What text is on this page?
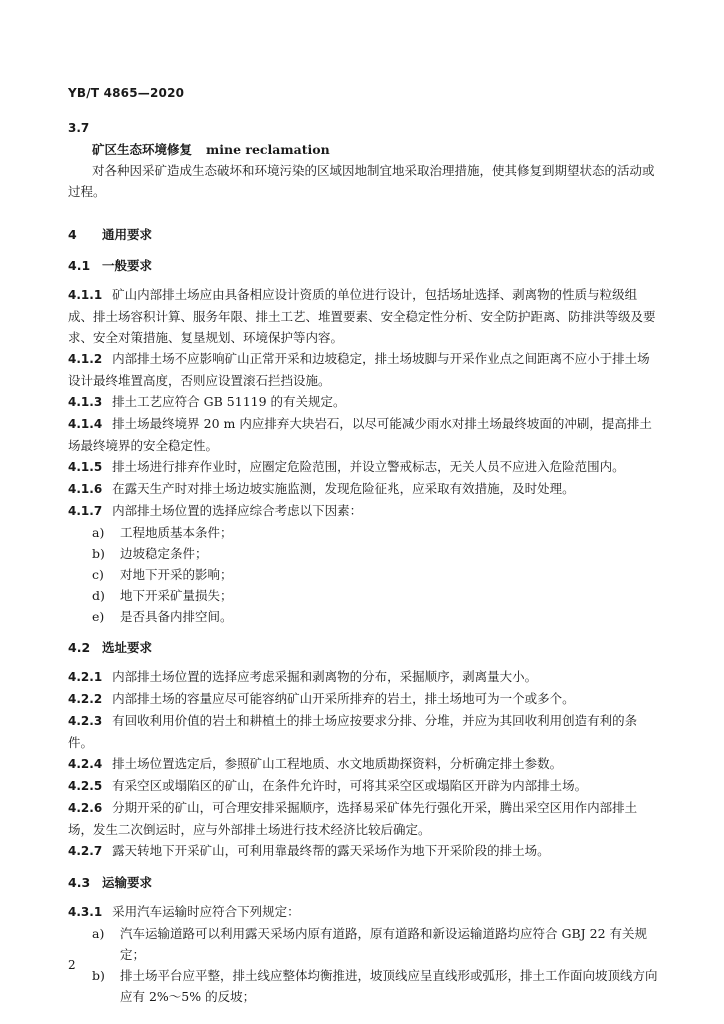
YB/T 4865—2020
3.7
矿区生态环境修复 mine reclamation
对各种因采矿造成生态破坏和环境污染的区域因地制宜地采取治理措施，使其修复到期望状态的活动或过程。
4 通用要求
4.1 一般要求
4.1.1 矿山内部排土场应由具备相应设计资质的单位进行设计，包括场址选择、剥离物的性质与粒级组成、排土场容积计算、服务年限、排土工艺、堆置要素、安全稳定性分析、安全防护距离、防排洪等级及要求、安全对策措施、复垦规划、环境保护等内容。
4.1.2 内部排土场不应影响矿山正常开采和边坡稳定，排土场坡脚与开采作业点之间距离不应小于排土场设计最终堆置高度，否则应设置滚石拦挡设施。
4.1.3 排土工艺应符合 GB 51119 的有关规定。
4.1.4 排土场最终境界 20 m 内应排弃大块岩石，以尽可能减少雨水对排土场最终坡面的冲刷，提高排土场最终境界的安全稳定性。
4.1.5 排土场进行排弃作业时，应圈定危险范围，并设立警戒标志，无关人员不应进入危险范围内。
4.1.6 在露天生产时对排土场边坡实施监测，发现危险征兆，应采取有效措施，及时处理。
4.1.7 内部排土场位置的选择应综合考虑以下因素：
a)	工程地质基本条件；
b)	边坡稳定条件；
c)	对地下开采的影响；
d)	地下开采矿量损失；
e)	是否具备内排空间。
4.2 选址要求
4.2.1 内部排土场位置的选择应考虑采掘和剥离物的分布，采掘顺序，剥离量大小。
4.2.2 内部排土场的容量应尽可能容纳矿山开采所排弃的岩土，排土场地可为一个或多个。
4.2.3 有回收利用价值的岩土和耕植土的排土场应按要求分排、分堆，并应为其回收利用创造有利的条件。
4.2.4 排土场位置选定后，参照矿山工程地质、水文地质勘探资料，分析确定排土参数。
4.2.5 有采空区或塌陷区的矿山，在条件允许时，可将其采空区或塌陷区开辟为内部排土场。
4.2.6 分期开采的矿山，可合理安排采掘顺序，选择易采矿体先行强化开采，腾出采空区用作内部排土场，发生二次倒运时，应与外部排土场进行技术经济比较后确定。
4.2.7 露天转地下开采矿山，可利用靠最终帮的露天采场作为地下开采阶段的排土场。
4.3 运输要求
4.3.1 采用汽车运输时应符合下列规定：
a)	汽车运输道路可以利用露天采场内原有道路，原有道路和新设运输道路均应符合 GBJ 22 有关规定；
b)	排土场平台应平整，排土线应整体均衡推进，坡顶线应呈直线形或弧形，排土工作面向坡顶线方向应有 2%～5% 的反坡；
2
